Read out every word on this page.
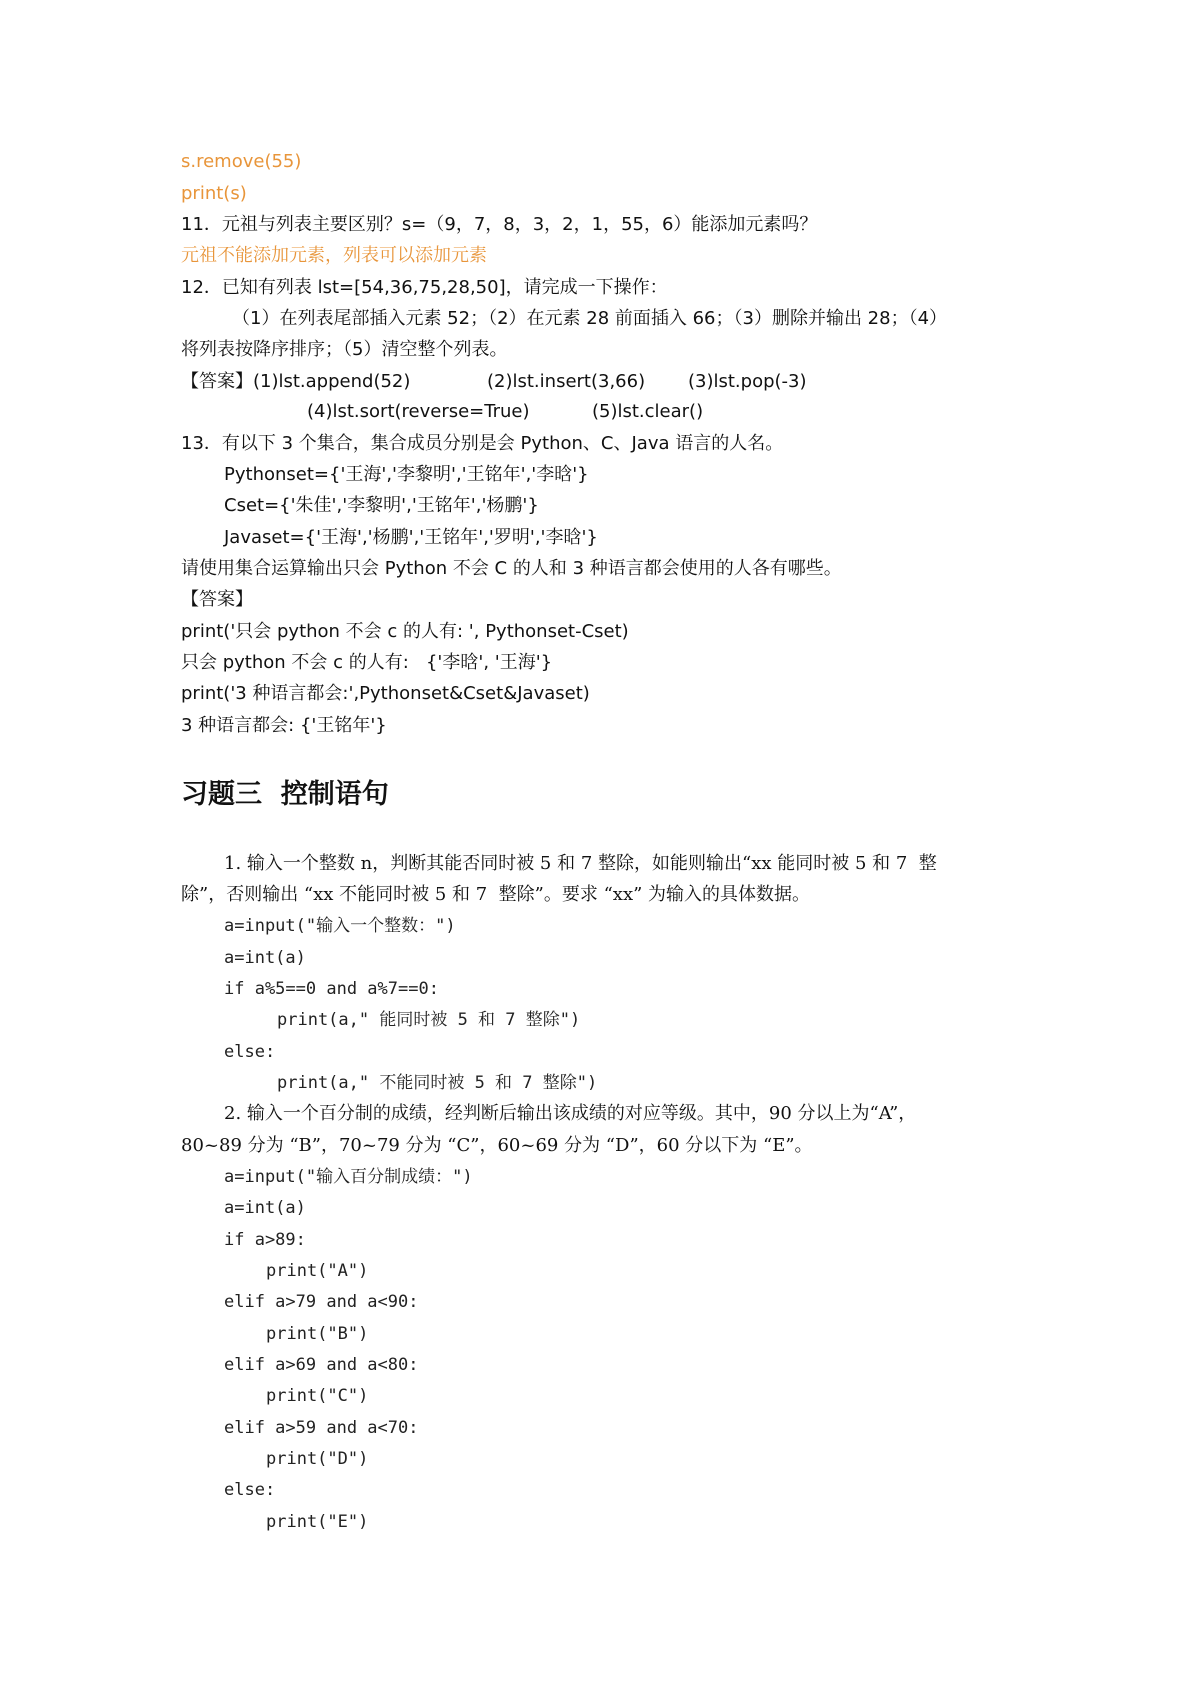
s.remove(55)
print(s)
11．元祖与列表主要区别？s=（9，7，8，3，2，1，55，6）能添加元素吗？
元祖不能添加元素，列表可以添加元素
12．已知有列表 lst=[54,36,75,28,50]，请完成一下操作：
（1）在列表尾部插入元素 52；（2）在元素 28 前面插入 66；（3）删除并输出 28；（4）
将列表按降序排序；（5）清空整个列表。
【答案】(1)lst.append(52)	(2)lst.insert(3,66) (3)lst.pop(-3)
(4)lst.sort(reverse=True)	(5)lst.clear()
13．有以下 3 个集合，集合成员分别是会 Python、C、Java 语言的人名。
Pythonset={'王海','李黎明','王铭年','李晗'}
Cset={'朱佳','李黎明','王铭年','杨鹏'}
Javaset={'王海','杨鹏','王铭年','罗明','李晗'}
请使用集合运算输出只会 Python 不会 C 的人和 3 种语言都会使用的人各有哪些。
【答案】
print('只会 python 不会 c 的人有: ', Pythonset-Cset)
只会 python 不会 c 的人有:   {'李晗', '王海'}
print('3 种语言都会:',Pythonset&Cset&Javaset)
3 种语言都会: {'王铭年'}
习题三  控制语句
1. 输入一个整数 n，判断其能否同时被 5 和 7 整除，如能则输出“xx 能同时被 5 和 7  整
除”，否则输出 “xx 不能同时被 5 和 7  整除”。要求 “xx” 为输入的具体数据。
a=input("输入一个整数：")
a=int(a)
if a%5==0 and a%7==0:
print(a," 能同时被 5 和 7 整除")
else:
print(a," 不能同时被 5 和 7 整除")
2. 输入一个百分制的成绩，经判断后输出该成绩的对应等级。其中，90 分以上为“A”，
80~89 分为 “B”，70~79 分为 “C”，60~69 分为 “D”，60 分以下为 “E”。
a=input("输入百分制成绩：")
a=int(a)
if a>89:
print("A")
elif a>79 and a<90:
print("B")
elif a>69 and a<80:
print("C")
elif a>59 and a<70:
print("D")
else:
print("E")
